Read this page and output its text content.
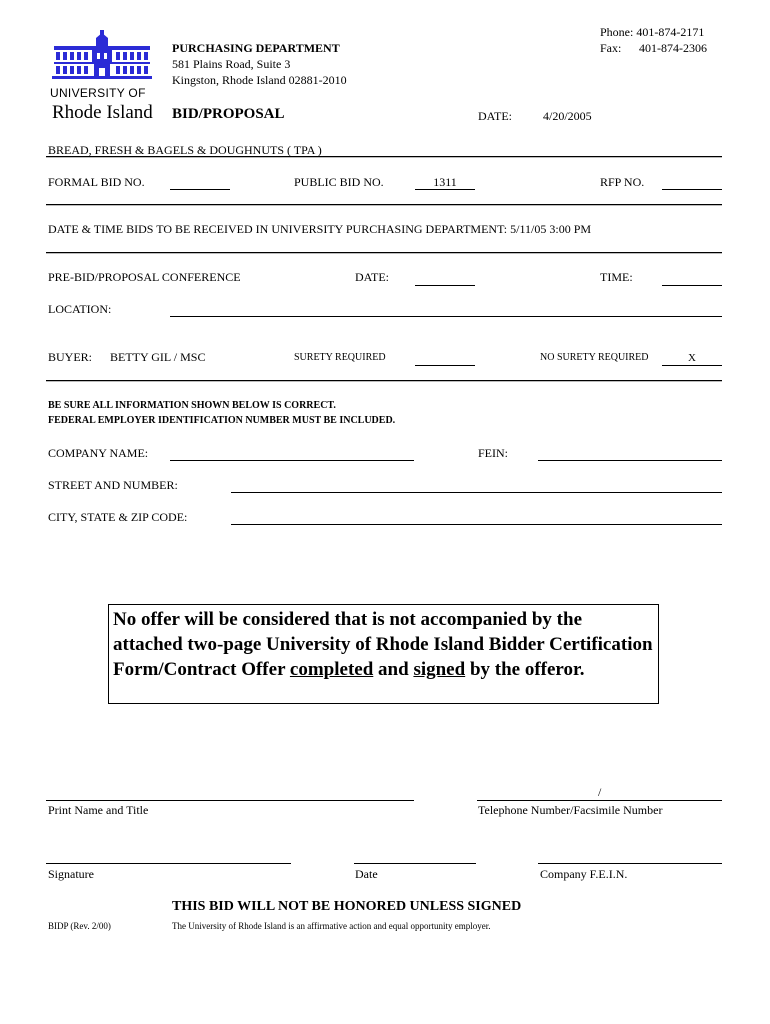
UNIVERSITY OF
Rhode Island
PURCHASING DEPARTMENT
581 Plains Road, Suite 3
Kingston, Rhode Island 02881-2010
Phone: 401-874-2171
Fax: 401-874-2306
BID/PROPOSAL	DATE:	4/20/2005
BREAD, FRESH & BAGELS & DOUGHNUTS ( TPA )
FORMAL BID NO.	PUBLIC BID NO.	1311	RFP NO.
DATE & TIME BIDS TO BE RECEIVED IN UNIVERSITY PURCHASING DEPARTMENT: 5/11/05 3:00 PM
PRE-BID/PROPOSAL CONFERENCE	DATE:	TIME:
LOCATION:
BUYER: BETTY GIL / MSC	SURETY REQUIRED	NO SURETY REQUIRED	X
BE SURE ALL INFORMATION SHOWN BELOW IS CORRECT.
FEDERAL EMPLOYER IDENTIFICATION NUMBER MUST BE INCLUDED.
COMPANY NAME:	FEIN:
STREET AND NUMBER:
CITY, STATE & ZIP CODE:
No offer will be considered that is not accompanied by the attached two-page University of Rhode Island Bidder Certification Form/Contract Offer completed and signed by the offeror.
/
Print Name and Title	Telephone Number/Facsimile Number
Signature	Date	Company F.E.I.N.
THIS BID WILL NOT BE HONORED UNLESS SIGNED
BIDP (Rev. 2/00)	The University of Rhode Island is an affirmative action and equal opportunity employer.
